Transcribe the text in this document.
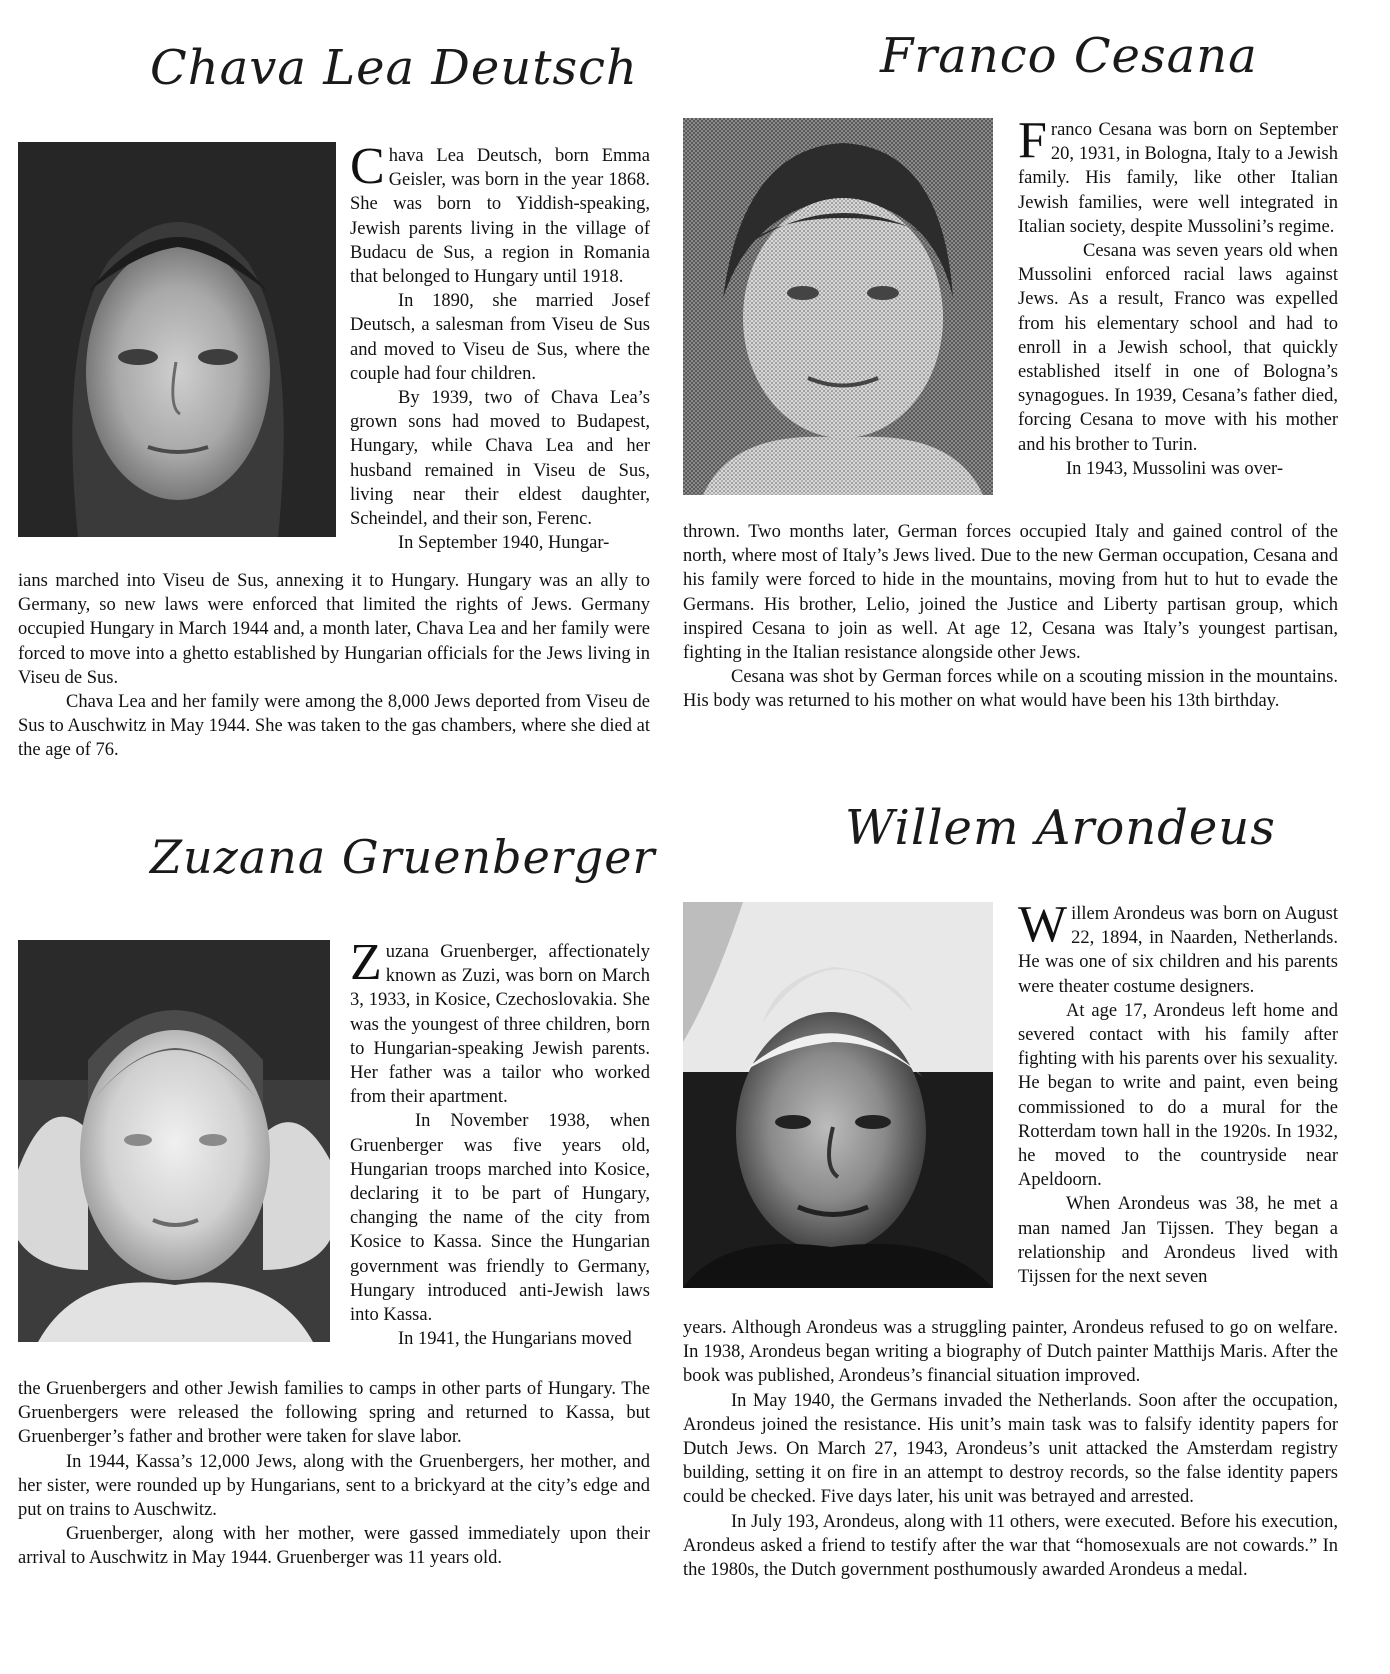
Chava Lea Deutsch
Chava Lea Deutsch, born Emma Geisler, was born in the year 1868. She was born to Yiddish-speaking, Jewish parents living in the village of Budacu de Sus, a region in Romania that belonged to Hungary until 1918.
In 1890, she married Josef Deutsch, a salesman from Viseu de Sus and moved to Viseu de Sus, where the couple had four children.
By 1939, two of Chava Lea’s grown sons had moved to Budapest, Hungary, while Chava Lea and her husband remained in Viseu de Sus, living near their eldest daughter, Scheindel, and their son, Ferenc.
In September 1940, Hungar-
ians marched into Viseu de Sus, annexing it to Hungary. Hungary was an ally to Germany, so new laws were enforced that limited the rights of Jews. Germany occupied Hungary in March 1944 and, a month later, Chava Lea and her family were forced to move into a ghetto established by Hungarian officials for the Jews living in Viseu de Sus.
Chava Lea and her family were among the 8,000 Jews deported from Viseu de Sus to Auschwitz in May 1944. She was taken to the gas chambers, where she died at the age of 76.
Franco Cesana
Franco Cesana was born on September 20, 1931, in Bologna, Italy to a Jewish family. His family, like other Italian Jewish families, were well integrated in Italian society, despite Mussolini’s regime.
Cesana was seven years old when Mussolini enforced racial laws against Jews. As a result, Franco was expelled from his elementary school and had to enroll in a Jewish school, that quickly established itself in one of Bologna’s synagogues. In 1939, Cesana’s father died, forcing Cesana to move with his mother and his brother to Turin.
In 1943, Mussolini was over-
thrown. Two months later, German forces occupied Italy and gained control of the north, where most of Italy’s Jews lived. Due to the new German occupation, Cesana and his family were forced to hide in the mountains, moving from hut to hut to evade the Germans. His brother, Lelio, joined the Justice and Liberty partisan group, which inspired Cesana to join as well. At age 12, Cesana was Italy’s youngest partisan, fighting in the Italian resistance alongside other Jews.
Cesana was shot by German forces while on a scouting mission in the mountains. His body was returned to his mother on what would have been his 13th birthday.
Zuzana Gruenberger
Zuzana Gruenberger, affectionately known as Zuzi, was born on March 3, 1933, in Kosice, Czechoslovakia. She was the youngest of three children, born to Hungarian-speaking Jewish parents. Her father was a tailor who worked from their apartment.
In November 1938, when Gruenberger was five years old, Hungarian troops marched into Kosice, declaring it to be part of Hungary, changing the name of the city from Kosice to Kassa. Since the Hungarian government was friendly to Germany, Hungary introduced anti-Jewish laws into Kassa.
In 1941, the Hungarians moved
the Gruenbergers and other Jewish families to camps in other parts of Hungary. The Gruenbergers were released the following spring and returned to Kassa, but Gruenberger’s father and brother were taken for slave labor.
In 1944, Kassa’s 12,000 Jews, along with the Gruenbergers, her mother, and her sister, were rounded up by Hungarians, sent to a brickyard at the city’s edge and put on trains to Auschwitz.
Gruenberger, along with her mother, were gassed immediately upon their arrival to Auschwitz in May 1944. Gruenberger was 11 years old.
Willem Arondeus
Willem Arondeus was born on August 22, 1894, in Naarden, Netherlands. He was one of six children and his parents were theater costume designers.
At age 17, Arondeus left home and severed contact with his family after fighting with his parents over his sexuality. He began to write and paint, even being commissioned to do a mural for the Rotterdam town hall in the 1920s. In 1932, he moved to the countryside near Apeldoorn.
When Arondeus was 38, he met a man named Jan Tijssen. They began a relationship and Arondeus lived with Tijssen for the next seven
years. Although Arondeus was a struggling painter, Arondeus refused to go on welfare. In 1938, Arondeus began writing a biography of Dutch painter Matthijs Maris. After the book was published, Arondeus’s financial situation improved.
In May 1940, the Germans invaded the Netherlands. Soon after the occupation, Arondeus joined the resistance. His unit’s main task was to falsify identity papers for Dutch Jews. On March 27, 1943, Arondeus’s unit attacked the Amsterdam registry building, setting it on fire in an attempt to destroy records, so the false identity papers could be checked. Five days later, his unit was betrayed and arrested.
In July 193, Arondeus, along with 11 others, were executed. Before his execution, Arondeus asked a friend to testify after the war that “homosexuals are not cowards.” In the 1980s, the Dutch government posthumously awarded Arondeus a medal.
